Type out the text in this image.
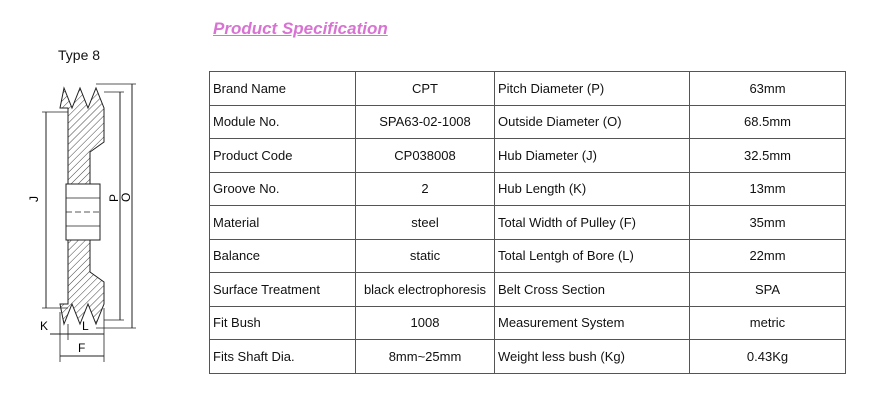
Product Specification
Type 8
J	P
O
K	L
F
Brand Name	CPT	Pitch Diameter (P)	63mm
Module No.	SPA63-02-1008	Outside Diameter (O)	68.5mm
Product Code	CP038008	Hub Diameter (J)	32.5mm
Groove No.	2	Hub Length (K)	13mm
Material	steel	Total Width of Pulley (F)	35mm
Balance	static	Total Lentgh of Bore (L)	22mm
Surface Treatment	black electrophoresis	Belt Cross Section	SPA
Fit Bush	1008	Measurement System	metric
Fits Shaft Dia.	8mm~25mm	Weight less bush (Kg)	0.43Kg
